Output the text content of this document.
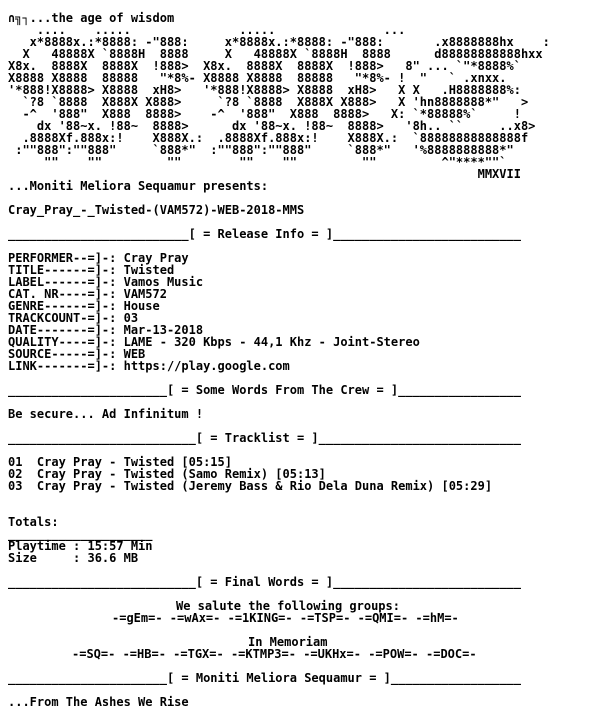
∩╗┐...the age of wisdom
....    .....               .....               ...
x*8888x.:*8888: -"888:     x*8888x.:*8888: -"888:       .x8888888hx    :
X   48888X `8888H  8888     X   48888X `8888H  8888      d88888888888hxx
X8x.  8888X  8888X  !888>  X8x.  8888X  8888X  !888>   8" ... `"*8888%`
X8888 X8888  88888   "*8%- X8888 X8888  88888   "*8%- !  "   ` .xnxx.
'*888!X8888> X8888  xH8>   '*888!X8888> X8888  xH8>   X X   .H8888888%:
`?8 `8888  X888X X888>     `?8 `8888  X888X X888>   X 'hn8888888*"   >
-^  '888"  X888  8888>    -^  '888"  X888  8888>   X: `*88888%`     !
dx '88~x. !88~  8888>      dx '88~x. !88~  8888>   '8h.. ``     ..x8>
.8888Xf.888x:!    X888X.:  .8888Xf.888x:!    X888X.:  `88888888888888f
:""888":""888"     `888*"  :""888":""888"     `888*"   '%8888888888*"
""    ""         ""        ""    ""         ""         ^"****""`
MMXVII
...Moniti Meliora Sequamur presents:
Cray_Pray_-_Twisted-(VAM572)-WEB-2018-MMS
_________________________[ = Release Info = ]__________________________
PERFORMER--=]-: Cray Pray
TITLE------=]-: Twisted
LABEL------=]-: Vamos Music
CAT. NR----=]-: VAM572
GENRE------=]-: House
TRACKCOUNT-=]-: 03
DATE-------=]-: Mar-13-2018
QUALITY----=]-: LAME - 320 Kbps - 44,1 Khz - Joint-Stereo
SOURCE-----=]-: WEB
LINK-------=]-: https://play.google.com
______________________[ = Some Words From The Crew = ]_________________
Be secure... Ad Infinitum !
__________________________[ = Tracklist = ]____________________________
01  Cray Pray - Twisted [05:15]
02  Cray Pray - Twisted (Samo Remix) [05:13]
03  Cray Pray - Twisted (Jeremy Bass & Rio Dela Duna Remix) [05:29]
Totals:
____________________
Playtime : 15:57 Min
Size     : 36.6 MB
__________________________[ = Final Words = ]__________________________
We salute the following groups:
-=gEm=- -=wAx=- -=1KING=- -=TSP=- -=QMI=- -=hM=-
In Memoriam
-=SQ=- -=HB=- -=TGX=- -=KTMP3=- -=UKHx=- -=POW=- -=DOC=-
______________________[ = Moniti Meliora Sequamur = ]__________________
...From The Ashes We Rise
